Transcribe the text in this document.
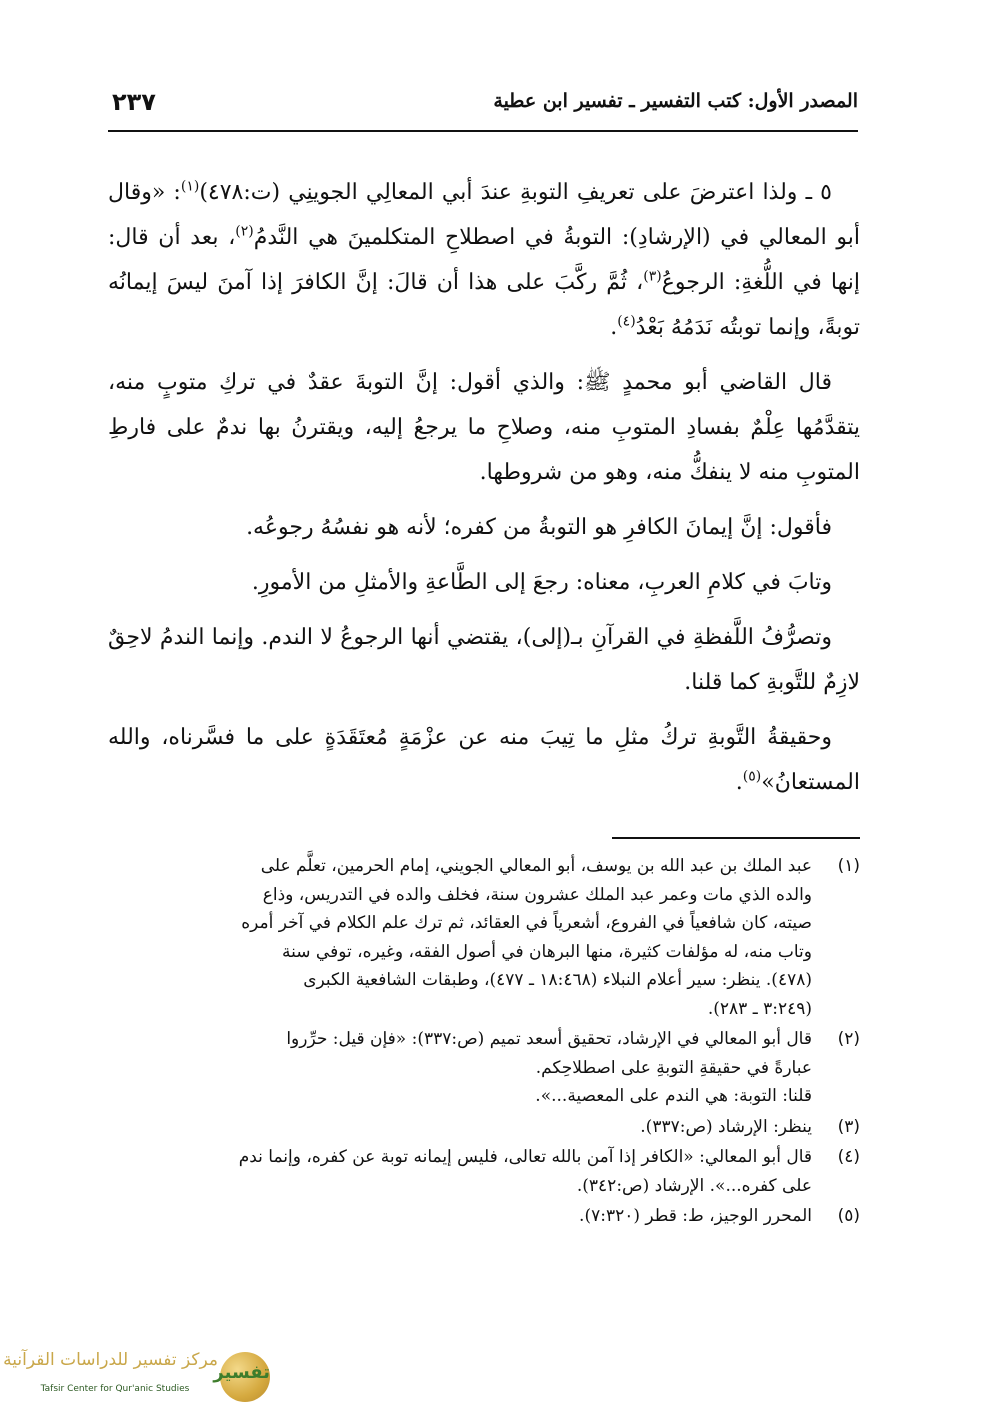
المصدر الأول: كتب التفسير ـ تفسير ابن عطية
٢٣٧

٥ ـ ولذا اعترضَ على تعريفِ التوبةِ عندَ أبي المعالِي الجوينِي (ت:٤٧٨)$^{(١)}$: «وقال أبو المعالي في (الإرشادِ): التوبةُ في اصطلاحِ المتكلمينَ هي النَّدمُ$^{(٢)}$، بعد أن قال: إنها في اللُّغةِ: الرجوعُ$^{(٣)}$، ثُمَّ ركَّبَ على هذا أن قالَ: إنَّ الكافرَ إذا آمنَ ليسَ إيمانُه توبةً، وإنما توبتُه نَدَمُهُ بَعْدُ$^{(٤)}$.

قال القاضي أبو محمدٍ ﷺ: والذي أقول: إنَّ التوبةَ عقدٌ في تركِ متوبٍ منه، يتقدَّمُها عِلْمٌ بفسادِ المتوبِ منه، وصلاحِ ما يرجعُ إليه، ويقترنُ بها ندمٌ على فارطِ المتوبِ منه لا ينفكُّ منه، وهو من شروطها.

فأقول: إنَّ إيمانَ الكافرِ هو التوبةُ من كفره؛ لأنه هو نفسُهُ رجوعُه.

وتابَ في كلامِ العربِ، معناه: رجعَ إلى الطَّاعةِ والأمثلِ من الأمورِ.

وتصرُّفُ اللَّفظةِ في القرآنِ بـ(إلى)، يقتضي أنها الرجوعُ لا الندم. وإنما الندمُ لاحِقٌ لازِمٌ للتَّوبةِ كما قلنا.

وحقيقةُ التَّوبةِ تركُ مثلِ ما تِيبَ منه عن عزْمَةٍ مُعتَقَدَةٍ على ما فسَّرناه، والله المستعانُ»$^{(٥)}$.

(١)
عبد الملك بن عبد الله بن يوسف، أبو المعالي الجويني، إمام الحرمين، تعلَّم على
والده الذي مات وعمر عبد الملك عشرون سنة، فخلف والده في التدريس، وذاع
صيته، كان شافعياً في الفروع، أشعرياً في العقائد، ثم ترك علم الكلام في آخر أمره
وتاب منه، له مؤلفات كثيرة، منها البرهان في أصول الفقه، وغيره، توفي سنة
(٤٧٨). ينظر: سير أعلام النبلاء (١٨:٤٦٨ ـ ٤٧٧)، وطبقات الشافعية الكبرى
(٣:٢٤٩ ـ ٢٨٣).
(٢)
قال أبو المعالي في الإرشاد، تحقيق أسعد تميم (ص:٣٣٧): «فإن قيل: حرِّروا
عبارةً في حقيقةِ التوبةِ على اصطلاحِكم.
قلنا: التوبة: هي الندم على المعصية...».
(٣)
ينظر: الإرشاد (ص:٣٣٧).
(٤)
قال أبو المعالي: «الكافر إذا آمن بالله تعالى، فليس إيمانه توبة عن كفره، وإنما ندم
على كفره...». الإرشاد (ص:٣٤٢).
(٥)
المحرر الوجيز، ط: قطر (٧:٣٢٠).
تفسير
مركز تفسير للدراسات القرآنية
Tafsir Center for Qur'anic Studies
